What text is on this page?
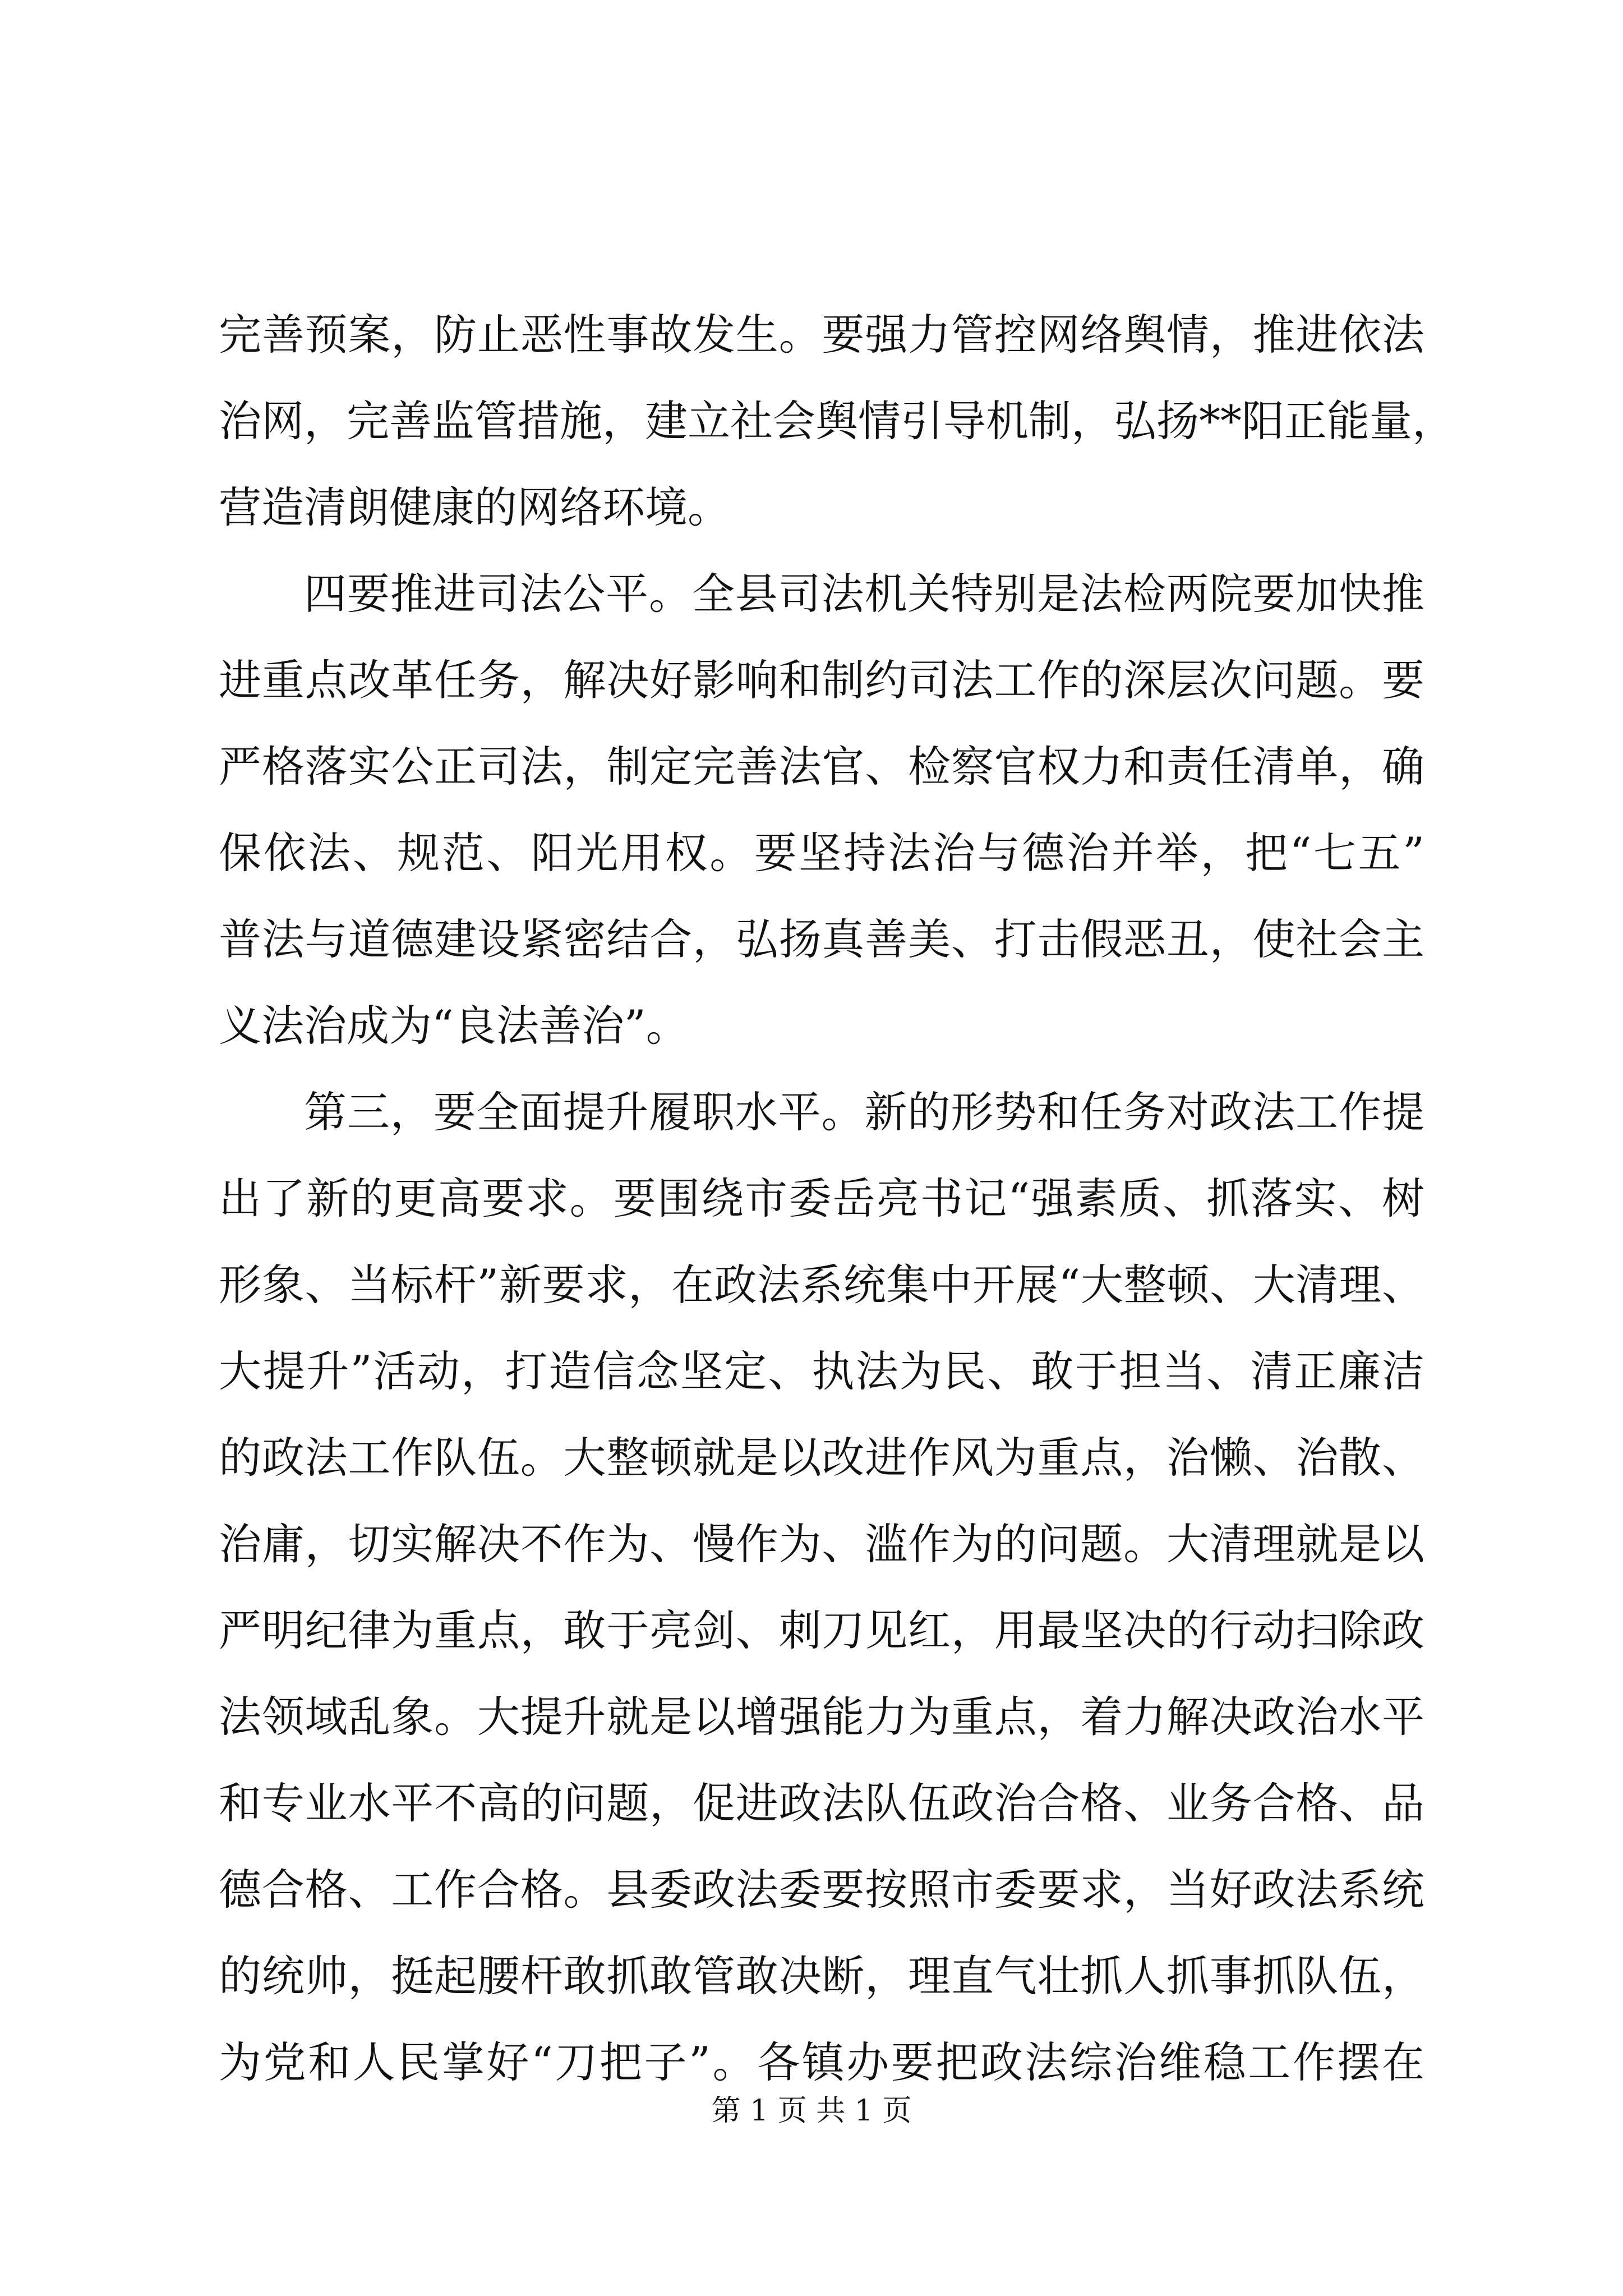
完善预案，防止恶性事故发生。要强力管控网络舆情，推进依法
治网，完善监管措施，建立社会舆情引导机制，弘扬**阳正能量，
营造清朗健康的网络环境。
四要推进司法公平。全县司法机关特别是法检两院要加快推
进重点改革任务，解决好影响和制约司法工作的深层次问题。要
严格落实公正司法，制定完善法官、检察官权力和责任清单，确
保依法、规范、阳光用权。要坚持法治与德治并举，把“七五”
普法与道德建设紧密结合，弘扬真善美、打击假恶丑，使社会主
义法治成为“良法善治”。
第三，要全面提升履职水平。新的形势和任务对政法工作提
出了新的更高要求。要围绕市委岳亮书记“强素质、抓落实、树
形象、当标杆”新要求，在政法系统集中开展“大整顿、大清理、
大提升”活动，打造信念坚定、执法为民、敢于担当、清正廉洁
的政法工作队伍。大整顿就是以改进作风为重点，治懒、治散、
治庸，切实解决不作为、慢作为、滥作为的问题。大清理就是以
严明纪律为重点，敢于亮剑、刺刀见红，用最坚决的行动扫除政
法领域乱象。大提升就是以增强能力为重点，着力解决政治水平
和专业水平不高的问题，促进政法队伍政治合格、业务合格、品
德合格、工作合格。县委政法委要按照市委要求，当好政法系统
的统帅，挺起腰杆敢抓敢管敢决断，理直气壮抓人抓事抓队伍，
为党和人民掌好“刀把子”。各镇办要把政法综治维稳工作摆在
第 1 页 共 1 页
